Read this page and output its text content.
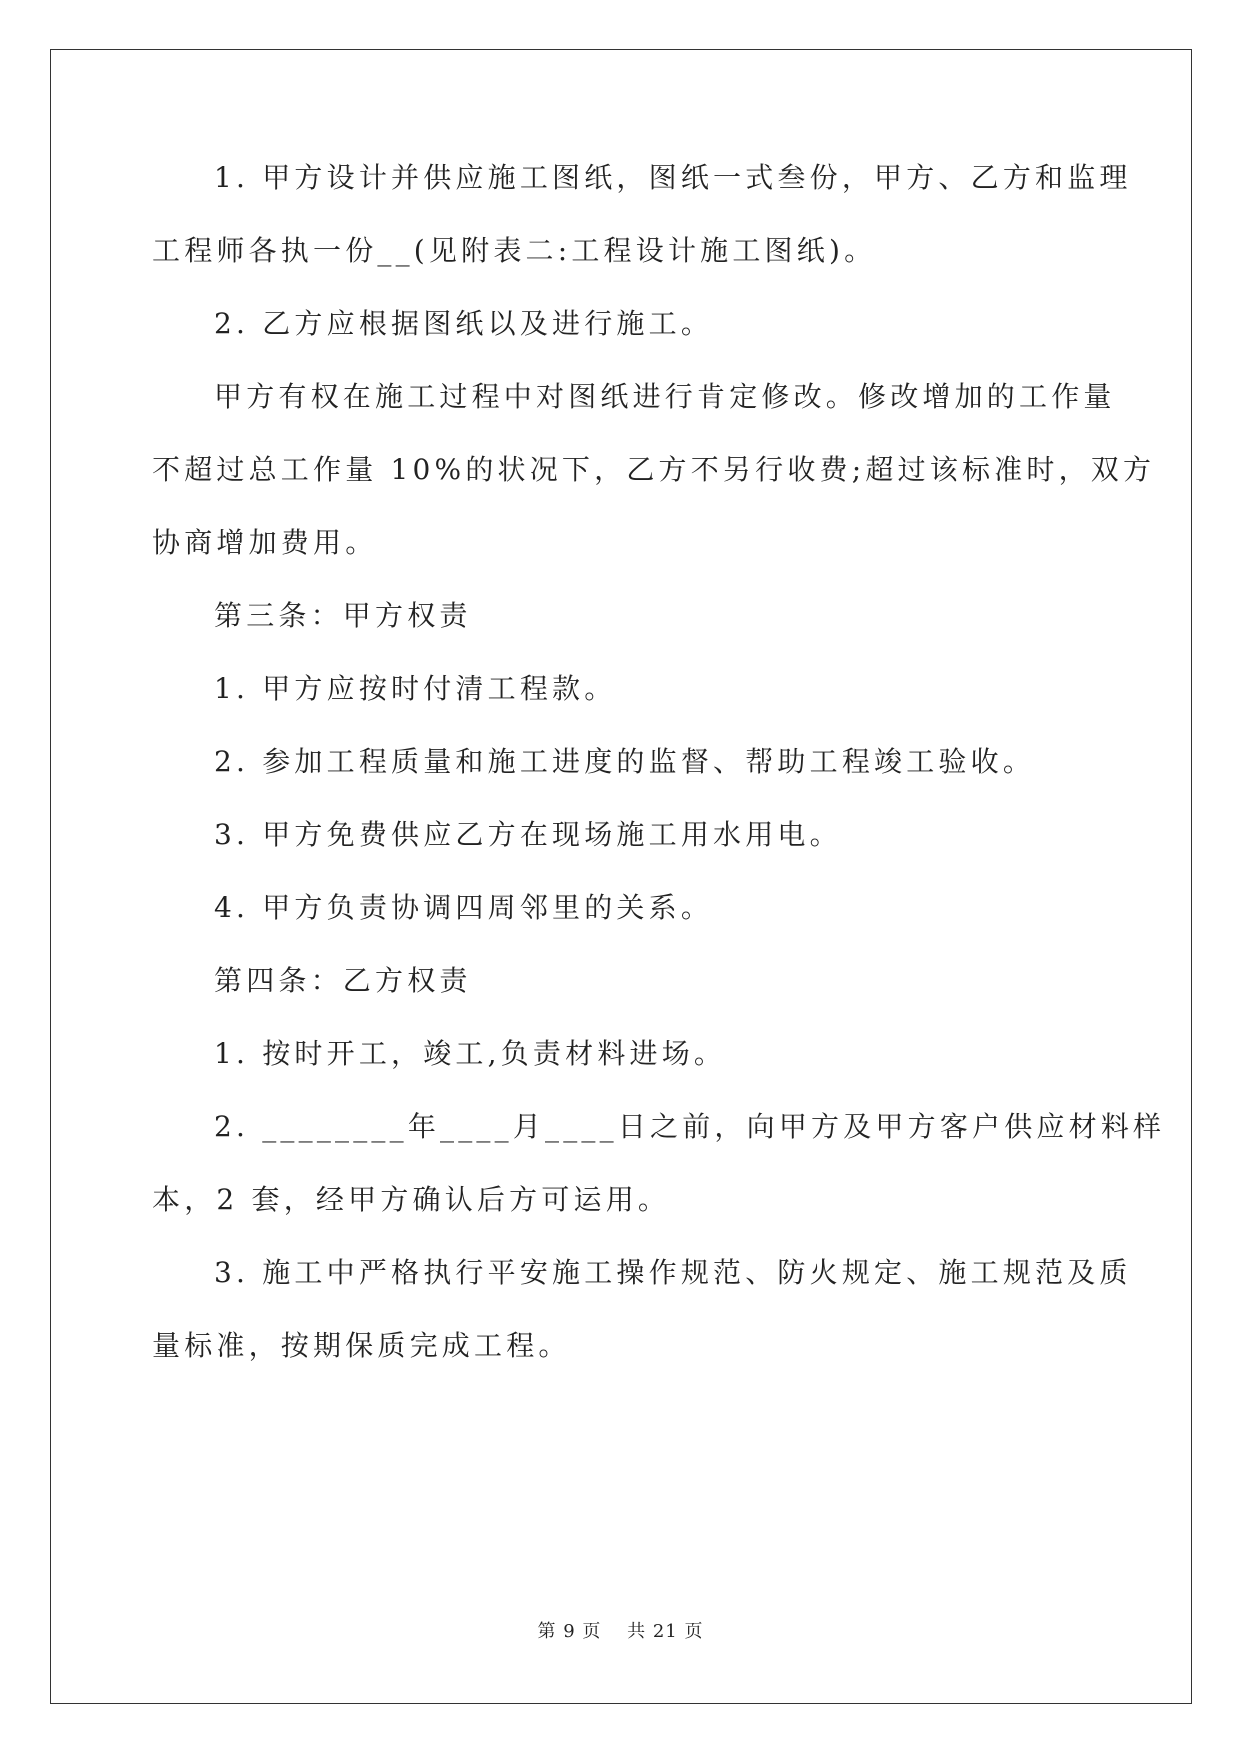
1. 甲方设计并供应施工图纸，图纸一式叁份，甲方、乙方和监理
工程师各执一份__(见附表二:工程设计施工图纸)。
2. 乙方应根据图纸以及进行施工。
甲方有权在施工过程中对图纸进行肯定修改。修改增加的工作量
不超过总工作量 10%的状况下，乙方不另行收费;超过该标准时，双方
协商增加费用。
第三条：甲方权责
1. 甲方应按时付清工程款。
2. 参加工程质量和施工进度的监督、帮助工程竣工验收。
3. 甲方免费供应乙方在现场施工用水用电。
4. 甲方负责协调四周邻里的关系。
第四条：乙方权责
1. 按时开工，竣工,负责材料进场。
2. ________年____月____日之前，向甲方及甲方客户供应材料样
本，2 套，经甲方确认后方可运用。
3. 施工中严格执行平安施工操作规范、防火规定、施工规范及质
量标准，按期保质完成工程。
第 9 页　 共 21 页
